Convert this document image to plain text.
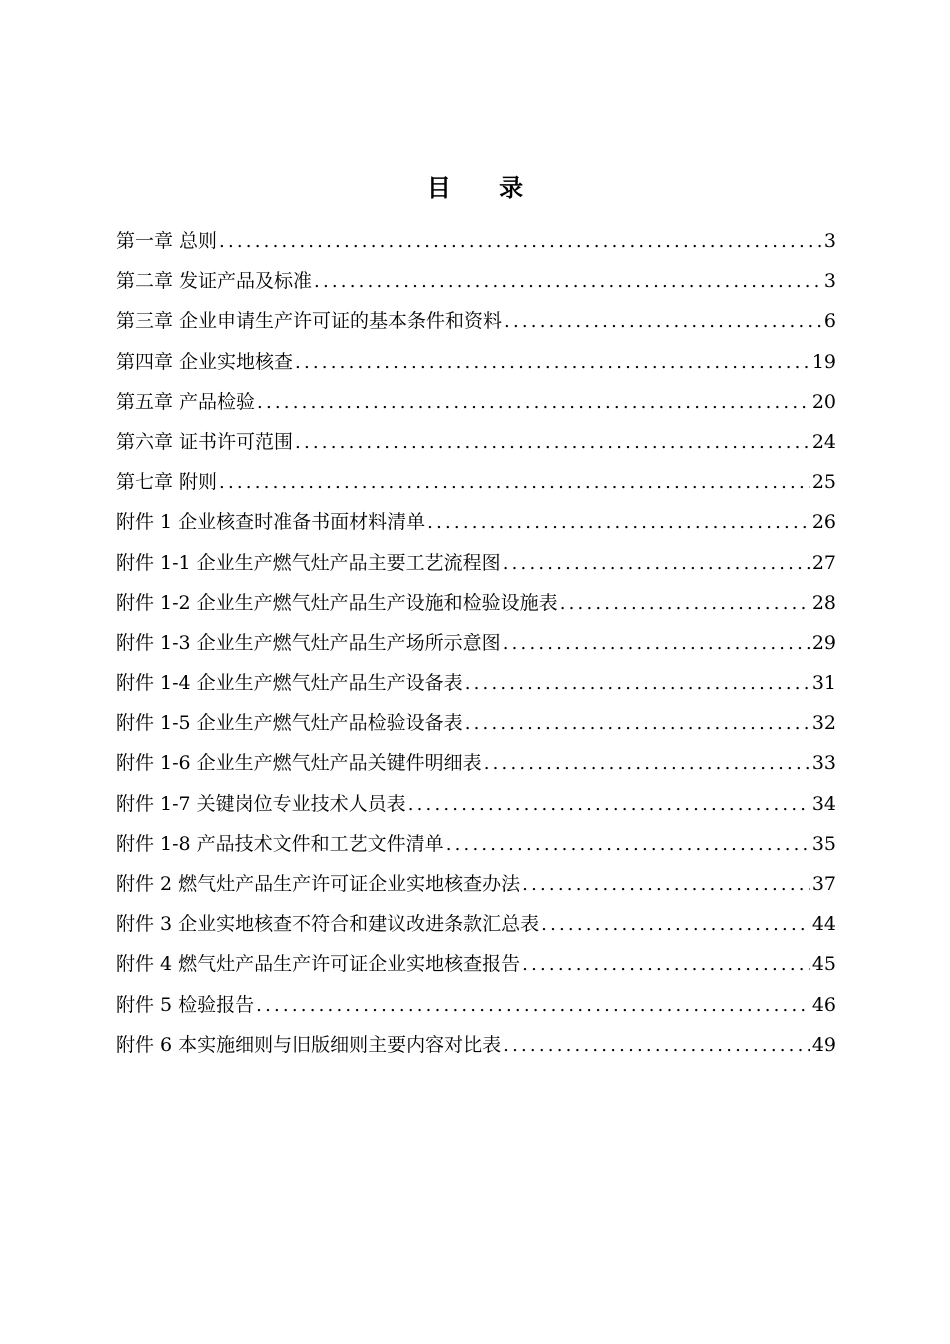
目 录
第一章 总则 .....	3
第二章 发证产品及标准 .....	3
第三章 企业申请生产许可证的基本条件和资料 .....	6
第四章 企业实地核查 .....	19
第五章 产品检验 .....	20
第六章 证书许可范围 .....	24
第七章 附则 .....	25
附件 1 企业核查时准备书面材料清单 .....	26
附件 1-1 企业生产燃气灶产品主要工艺流程图 .....	27
附件 1-2 企业生产燃气灶产品生产设施和检验设施表 .....	28
附件 1-3 企业生产燃气灶产品生产场所示意图 .....	29
附件 1-4 企业生产燃气灶产品生产设备表 .....	31
附件 1-5 企业生产燃气灶产品检验设备表 .....	32
附件 1-6 企业生产燃气灶产品关键件明细表 .....	33
附件 1-7 关键岗位专业技术人员表 .....	34
附件 1-8 产品技术文件和工艺文件清单 .....	35
附件 2 燃气灶产品生产许可证企业实地核查办法 .....	37
附件 3 企业实地核查不符合和建议改进条款汇总表 .....	44
附件 4 燃气灶产品生产许可证企业实地核查报告 .....	45
附件 5 检验报告 .....	46
附件 6 本实施细则与旧版细则主要内容对比表 .....	49
